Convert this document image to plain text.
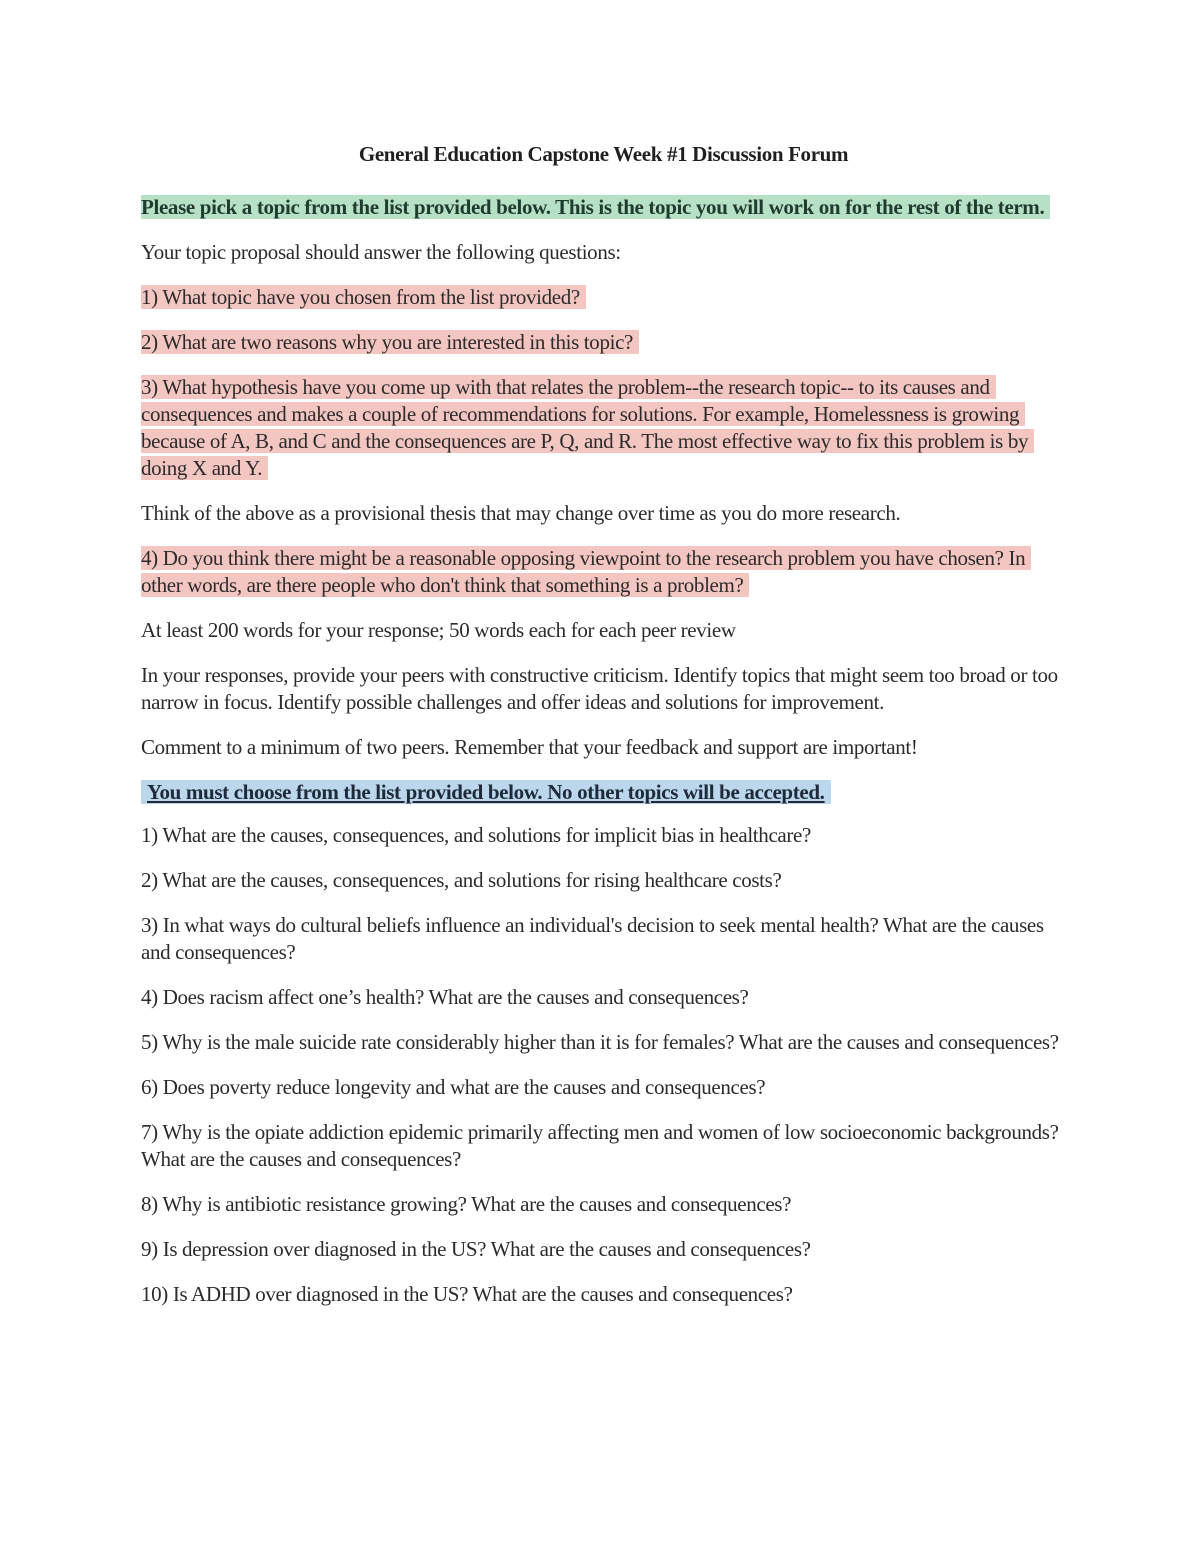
General Education Capstone Week #1 Discussion Forum
Please pick a topic from the list provided below. This is the topic you will work on for the rest of the term.
Your topic proposal should answer the following questions:
1) What topic have you chosen from the list provided?
2) What are two reasons why you are interested in this topic?
3) What hypothesis have you come up with that relates the problem--the research topic-- to its causes and consequences and makes a couple of recommendations for solutions. For example, Homelessness is growing because of A, B, and C and the consequences are P, Q, and R. The most effective way to fix this problem is by doing X and Y.
Think of the above as a provisional thesis that may change over time as you do more research.
4) Do you think there might be a reasonable opposing viewpoint to the research problem you have chosen? In other words, are there people who don't think that something is a problem?
At least 200 words for your response; 50 words each for each peer review
In your responses, provide your peers with constructive criticism. Identify topics that might seem too broad or too narrow in focus. Identify possible challenges and offer ideas and solutions for improvement.
Comment to a minimum of two peers. Remember that your feedback and support are important!
You must choose from the list provided below. No other topics will be accepted.
1) What are the causes, consequences, and solutions for implicit bias in healthcare?
2) What are the causes, consequences, and solutions for rising healthcare costs?
3) In what ways do cultural beliefs influence an individual's decision to seek mental health? What are the causes and consequences?
4) Does racism affect one’s health? What are the causes and consequences?
5) Why is the male suicide rate considerably higher than it is for females? What are the causes and consequences?
6) Does poverty reduce longevity and what are the causes and consequences?
7) Why is the opiate addiction epidemic primarily affecting men and women of low socioeconomic backgrounds? What are the causes and consequences?
8) Why is antibiotic resistance growing? What are the causes and consequences?
9) Is depression over diagnosed in the US? What are the causes and consequences?
10) Is ADHD over diagnosed in the US? What are the causes and consequences?
